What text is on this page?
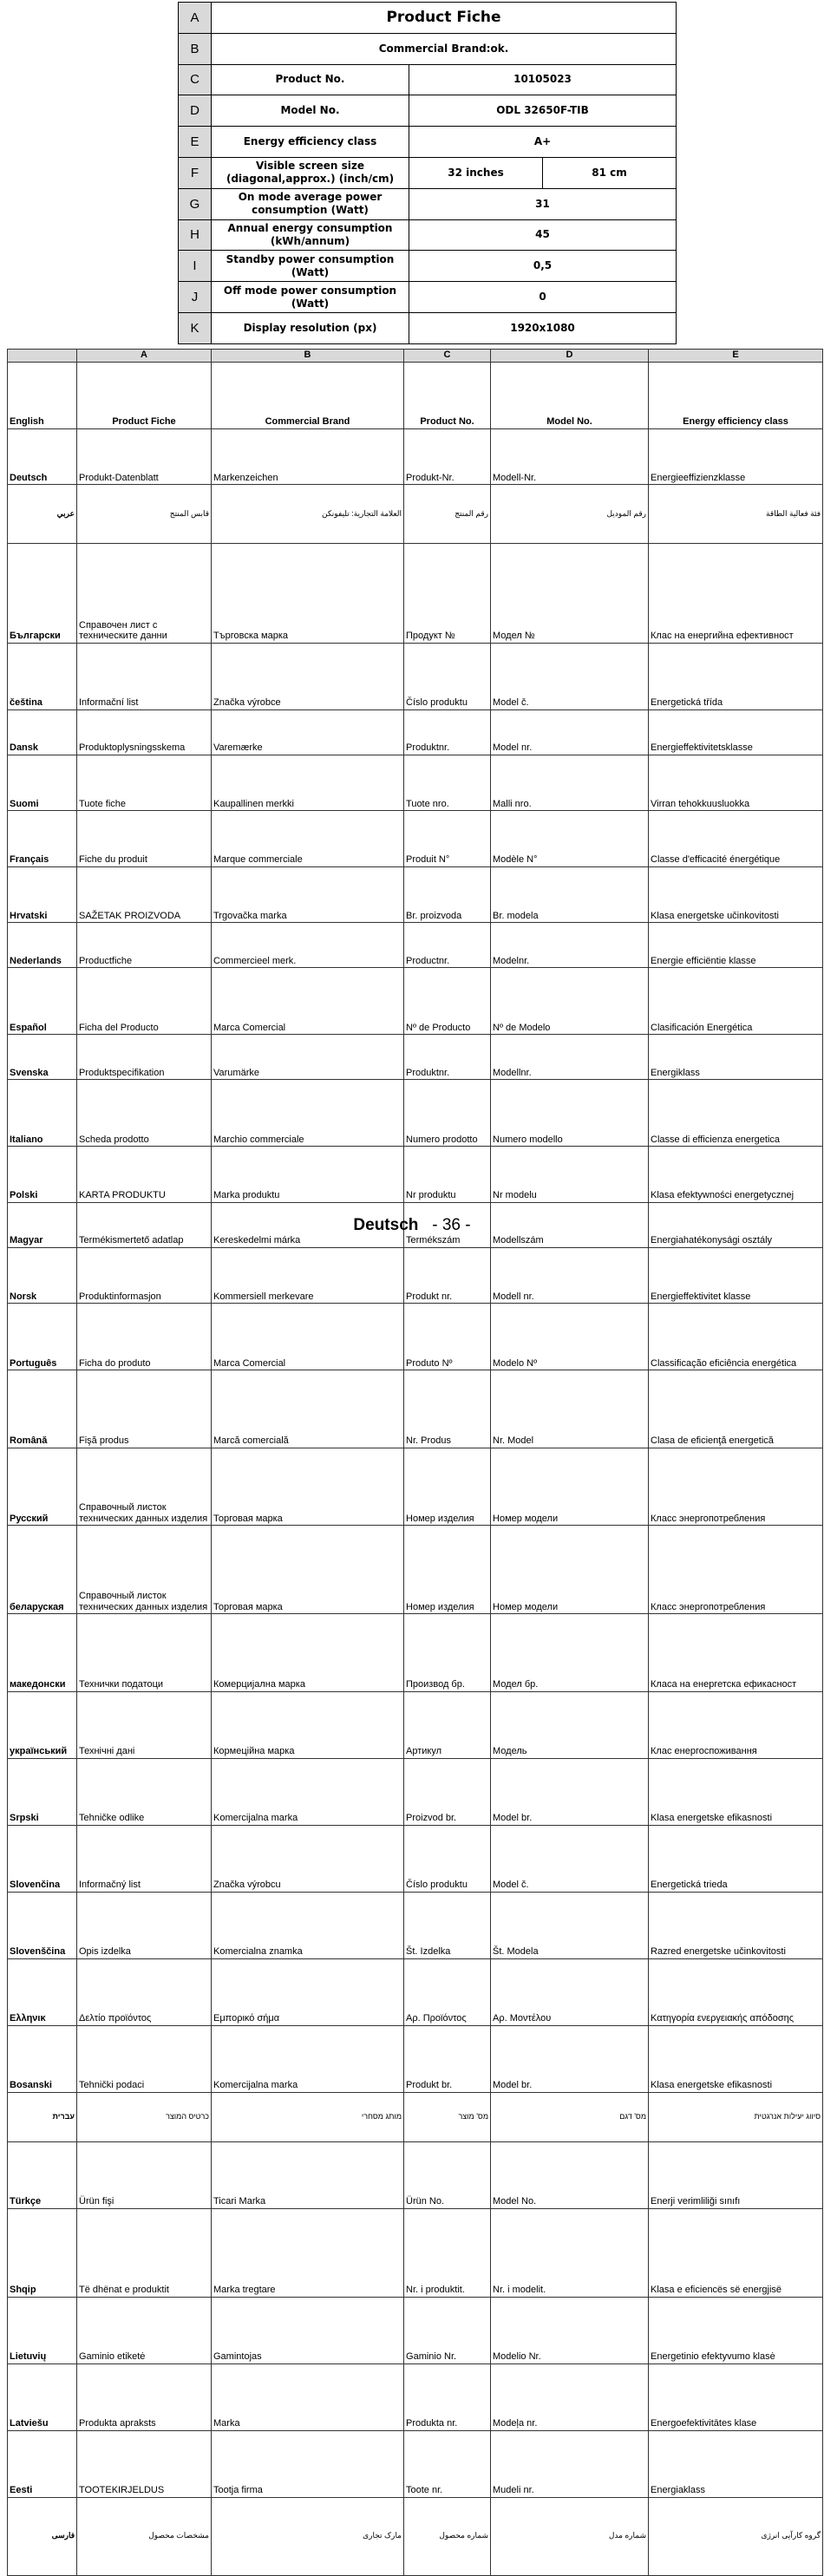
A	Product Fiche		
B	Commercial Brand:ok.		
C	Product No.	10105023	
D	Model No.	ODL 32650F-TIB	
E	Energy efficiency class	A+	
F	Visible screen size (diagonal,approx.) (inch/cm)	32 inches	81 cm
G	On mode average power consumption (Watt)	31	
H	Annual energy consumption (kWh/annum)	45	
I	Standby power consumption (Watt)	0,5	
J	Off mode power consumption (Watt)	0	
K	Display resolution (px)	1920x1080	
	A	B	C	D	E	
English	Product Fiche	Commercial Brand	Product No.	Model No.	Energy efficiency class	
Deutsch	Produkt-Datenblatt	Markenzeichen	Produkt-Nr.	Modell-Nr.	Energieeffizienzklasse	
عربي	قابس المنتج	العلامة التجارية: تليفونكن	رقم المنتج	رقم الموديل	فئة فعالية الطاقة	
Български	Справочен лист с техническите данни	Търговска марка	Продукт №	Модел №	Клас на енергийна ефективност	
čeština	Informační list	Značka výrobce	Číslo produktu	Model č.	Energetická třída	
Dansk	Produktoplysningsskema	Varemærke	Produktnr.	Model nr.	Energieffektivitetsklasse	
Suomi	Tuote fiche	Kaupallinen merkki	Tuote nro.	Malli nro.	Virran tehokkuusluokka	
Français	Fiche du produit	Marque commerciale	Produit N°	Modèle N°	Classe d'efficacité énergétique	
Hrvatski	SAŽETAK PROIZVODA	Trgovačka marka	Br. proizvoda	Br. modela	Klasa energetske učinkovitosti	
Nederlands	Productfiche	Commercieel merk.	Productnr.	Modelnr.	Energie efficiëntie klasse	
Español	Ficha del Producto	Marca Comercial	Nº de Producto	Nº de Modelo	Clasificación Energética	
Svenska	Produktspecifikation	Varumärke	Produktnr.	Modellnr.	Energiklass	
Italiano	Scheda prodotto	Marchio commerciale	Numero prodotto	Numero modello	Classe di efficienza energetica	
Polski	KARTA PRODUKTU	Marka produktu	Nr produktu	Nr modelu	Klasa efektywności energetycznej	
Magyar	Termékismertető adatlap	Kereskedelmi márka	Termékszám	Modellszám	Energiahatékonysági osztály	
Norsk	Produktinformasjon	Kommersiell merkevare	Produkt nr.	Modell nr.	Energieffektivitet klasse	
Português	Ficha do produto	Marca Comercial	Produto Nº	Modelo Nº	Classificação eficiência energética	
Română	Fişă produs	Marcă comercială	Nr. Produs	Nr. Model	Clasa de eficienţă energetică	
Русский	Справочный листок технических данных изделия	Торговая марка	Номер изделия	Номер модели	Класс энергопотребления	
беларуская	Справочный листок технических данных изделия	Торговая марка	Номер изделия	Номер модели	Класс энергопотребления	
македонски	Технички податоци	Комерцијална марка	Производ бр.	Модел бр.	Класа на енергетска ефикасност	
український	Технічні дані	Кормеційна марка	Артикул	Модель	Клас енергоспоживання	
Srpski	Tehničke odlike	Komercijalna marka	Proizvod br.	Model br.	Klasa energetske efikasnosti	
Slovenčina	Informačný list	Značka výrobcu	Číslo produktu	Model č.	Energetická trieda	
Slovenščina	Opis izdelka	Komercialna znamka	Št. Izdelka	Št. Modela	Razred energetske učinkovitosti	
Ελληνικ	Δελτίο προϊόντος	Εμπορικό σήμα	Αρ. Προϊόντος	Αρ. Μοντέλου	Κατηγορία ενεργειακής απόδοσης	
Bosanski	Tehnički podaci	Komercijalna marka	Produkt br.	Model br.	Klasa energetske efikasnosti	
עברית	כרטיס המוצר	מותג מסחרי	מס' מוצר	מס' דגם	סיווג יעילות אנרגטית	
Türkçe	Ürün fişi	Ticari Marka	Ürün No.	Model No.	Enerji verimliliği sınıfı	
Shqip	Të dhënat e produktit	Marka tregtare	Nr. i produktit.	Nr. i modelit.	Klasa e eficiencës së energjisë	
Lietuvių	Gaminio etiketė	Gamintojas	Gaminio Nr.	Modelio Nr.	Energetinio efektyvumo klasė	
Latviešu	Produkta apraksts	Marka	Produkta nr.	Modeļa nr.	Energoefektivitātes klase	
Eesti	TOOTEKIRJELDUS	Tootja firma	Toote nr.	Mudeli nr.	Energiaklass	
فارسی	مشخصات محصول	مارک تجاری	شماره محصول	شماره مدل	گروه کارآیی انرژی	
Deutsch - 36 -
